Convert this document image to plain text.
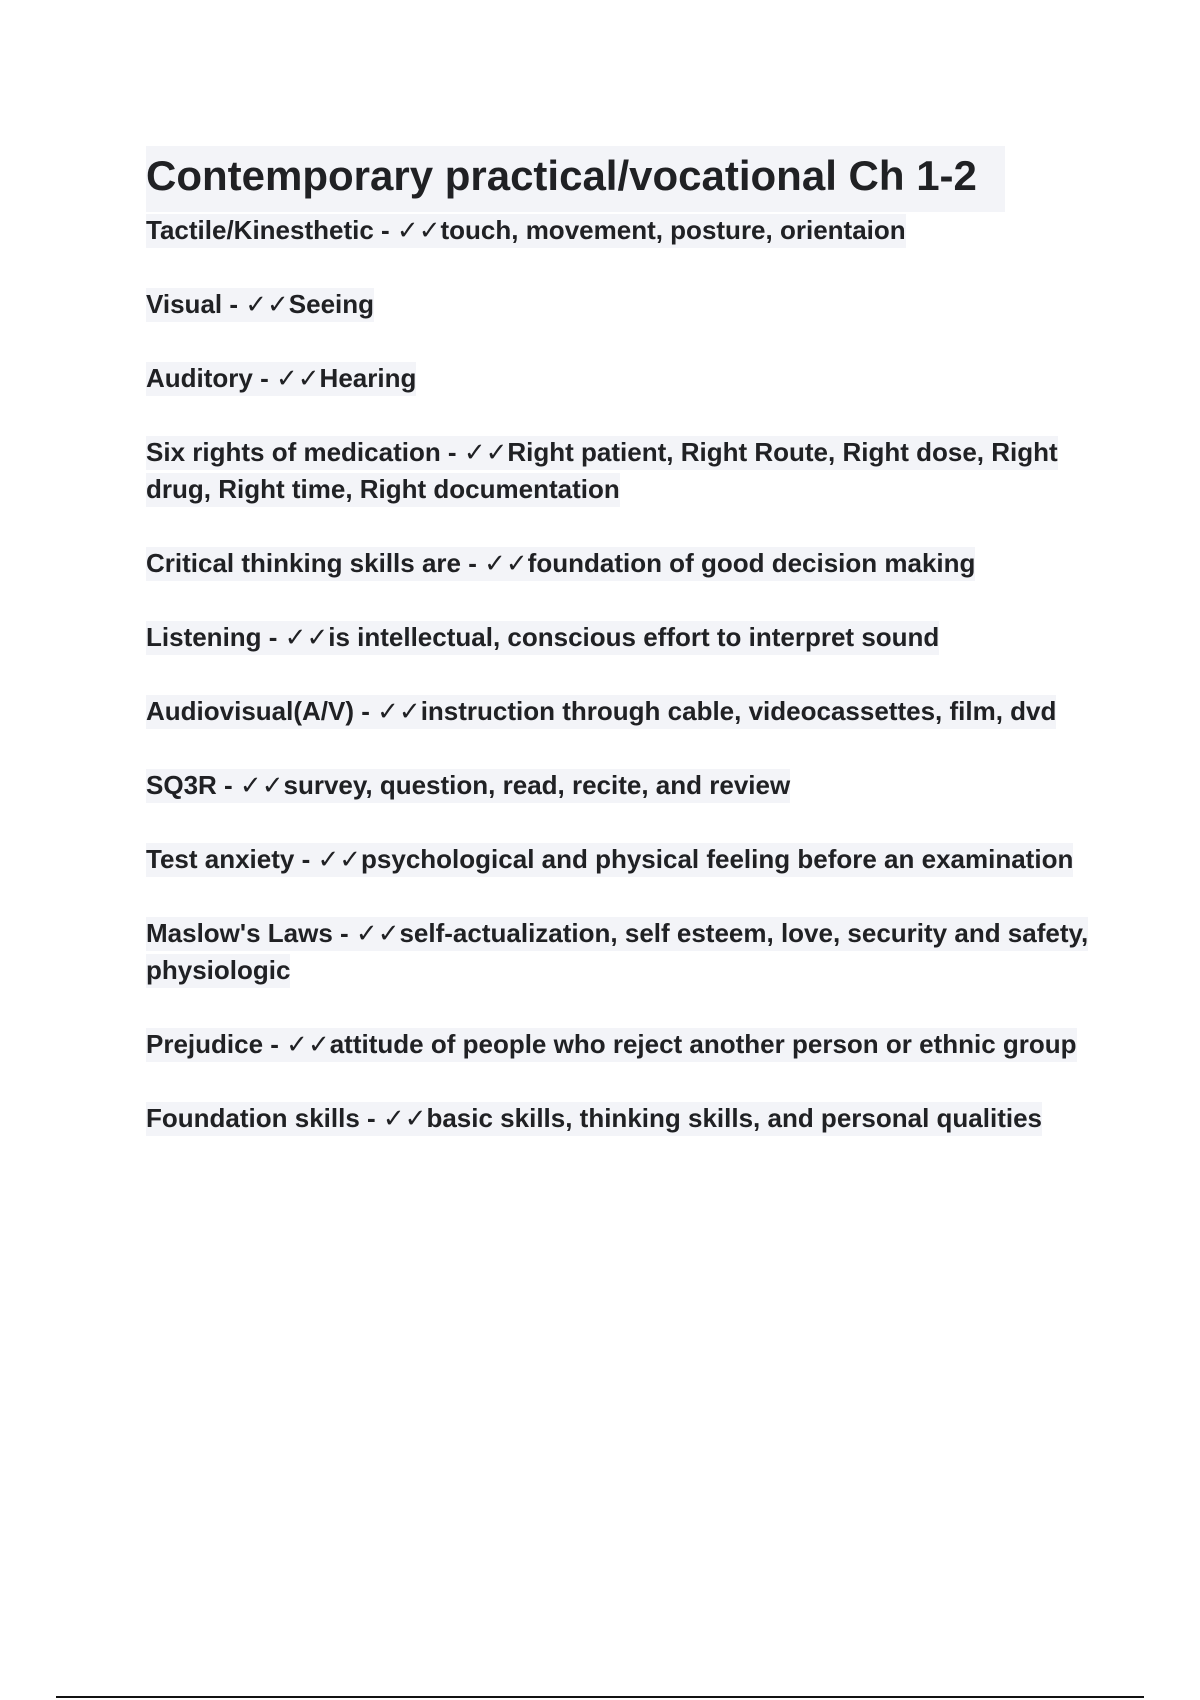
Contemporary practical/vocational Ch 1-2
Tactile/Kinesthetic - ✓✓touch, movement, posture, orientaion
Visual - ✓✓Seeing
Auditory - ✓✓Hearing
Six rights of medication - ✓✓Right patient, Right Route, Right dose, Right drug, Right time, Right documentation
Critical thinking skills are - ✓✓foundation of good decision making
Listening - ✓✓is intellectual, conscious effort to interpret sound
Audiovisual(A/V) - ✓✓instruction through cable, videocassettes, film, dvd
SQ3R - ✓✓survey, question, read, recite, and review
Test anxiety - ✓✓psychological and physical feeling before an examination
Maslow's Laws - ✓✓self-actualization, self esteem, love, security and safety, physiologic
Prejudice - ✓✓attitude of people who reject another person or ethnic group
Foundation skills - ✓✓basic skills, thinking skills, and personal qualities
